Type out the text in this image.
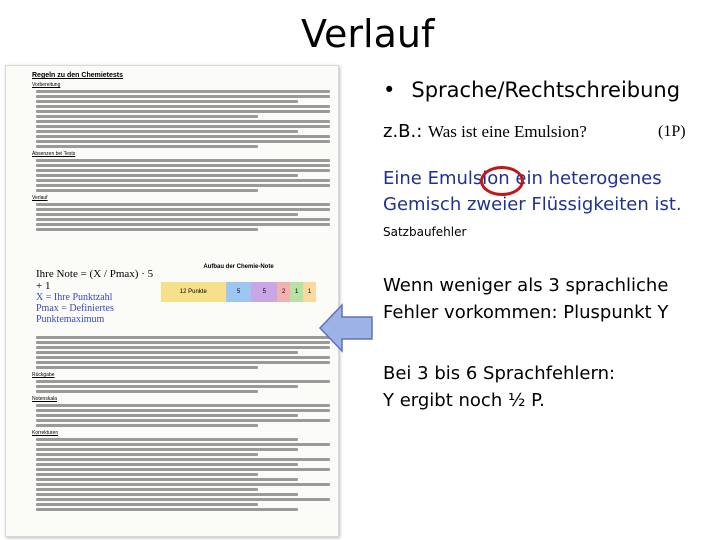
Verlauf
Regeln zu den Chemietests
Vorbereitung
Absenzen bei Tests
Verlauf
Ihre Note = (X / Pmax) · 5 + 1
X = Ihre Punktzahl
Pmax = Definiertes Punktemaximum
Aufbau der Chemie-Note
12 Punkte	5	5	2	1	1
Rückgabe
Notenskala
Korrekturen
• Sprache/Rechtschreibung
z.B.: Was ist eine Emulsion?	(1P)
Eine Emulsion ein heterogenes
Gemisch zweier Flüssigkeiten ist.
Satzbaufehler
Wenn weniger als 3 sprachliche
Fehler vorkommen: Pluspunkt Y
Bei 3 bis 6 Sprachfehlern:
Y ergibt noch ½ P.
